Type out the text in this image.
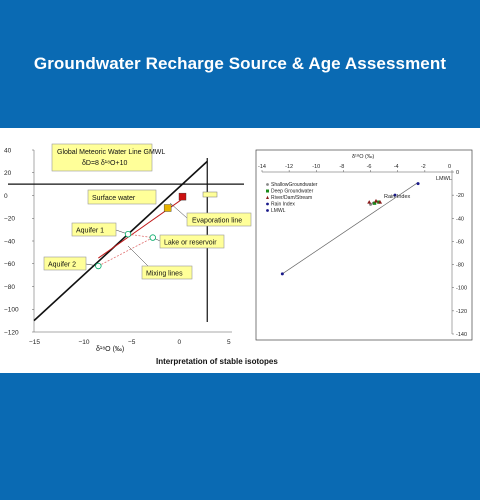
Groundwater Recharge Source & Age Assessment
40
20
0
−20
−40
−60
−80
−100
−120
−15	−10	−5	0	5
Global Meteoric Water Line GMWL
δD=8 δ¹⁸O+10
Surface water
Aquifer 1
Aquifer 2
Evaporation line
Lake or reservoir
Mixing lines
δ¹⁸O (‰)
Interpretation of stable isotopes
-14	-12	-10	-8	-6	-4	-2	0
0
-20
-40
-60
-80
-100
-120
-140
δ¹⁸O (‰)
LMWL
Rain Index
ShallowGroundwater
Deep Groundwater
River/Dam/Stream
Rain Index
LMWL
